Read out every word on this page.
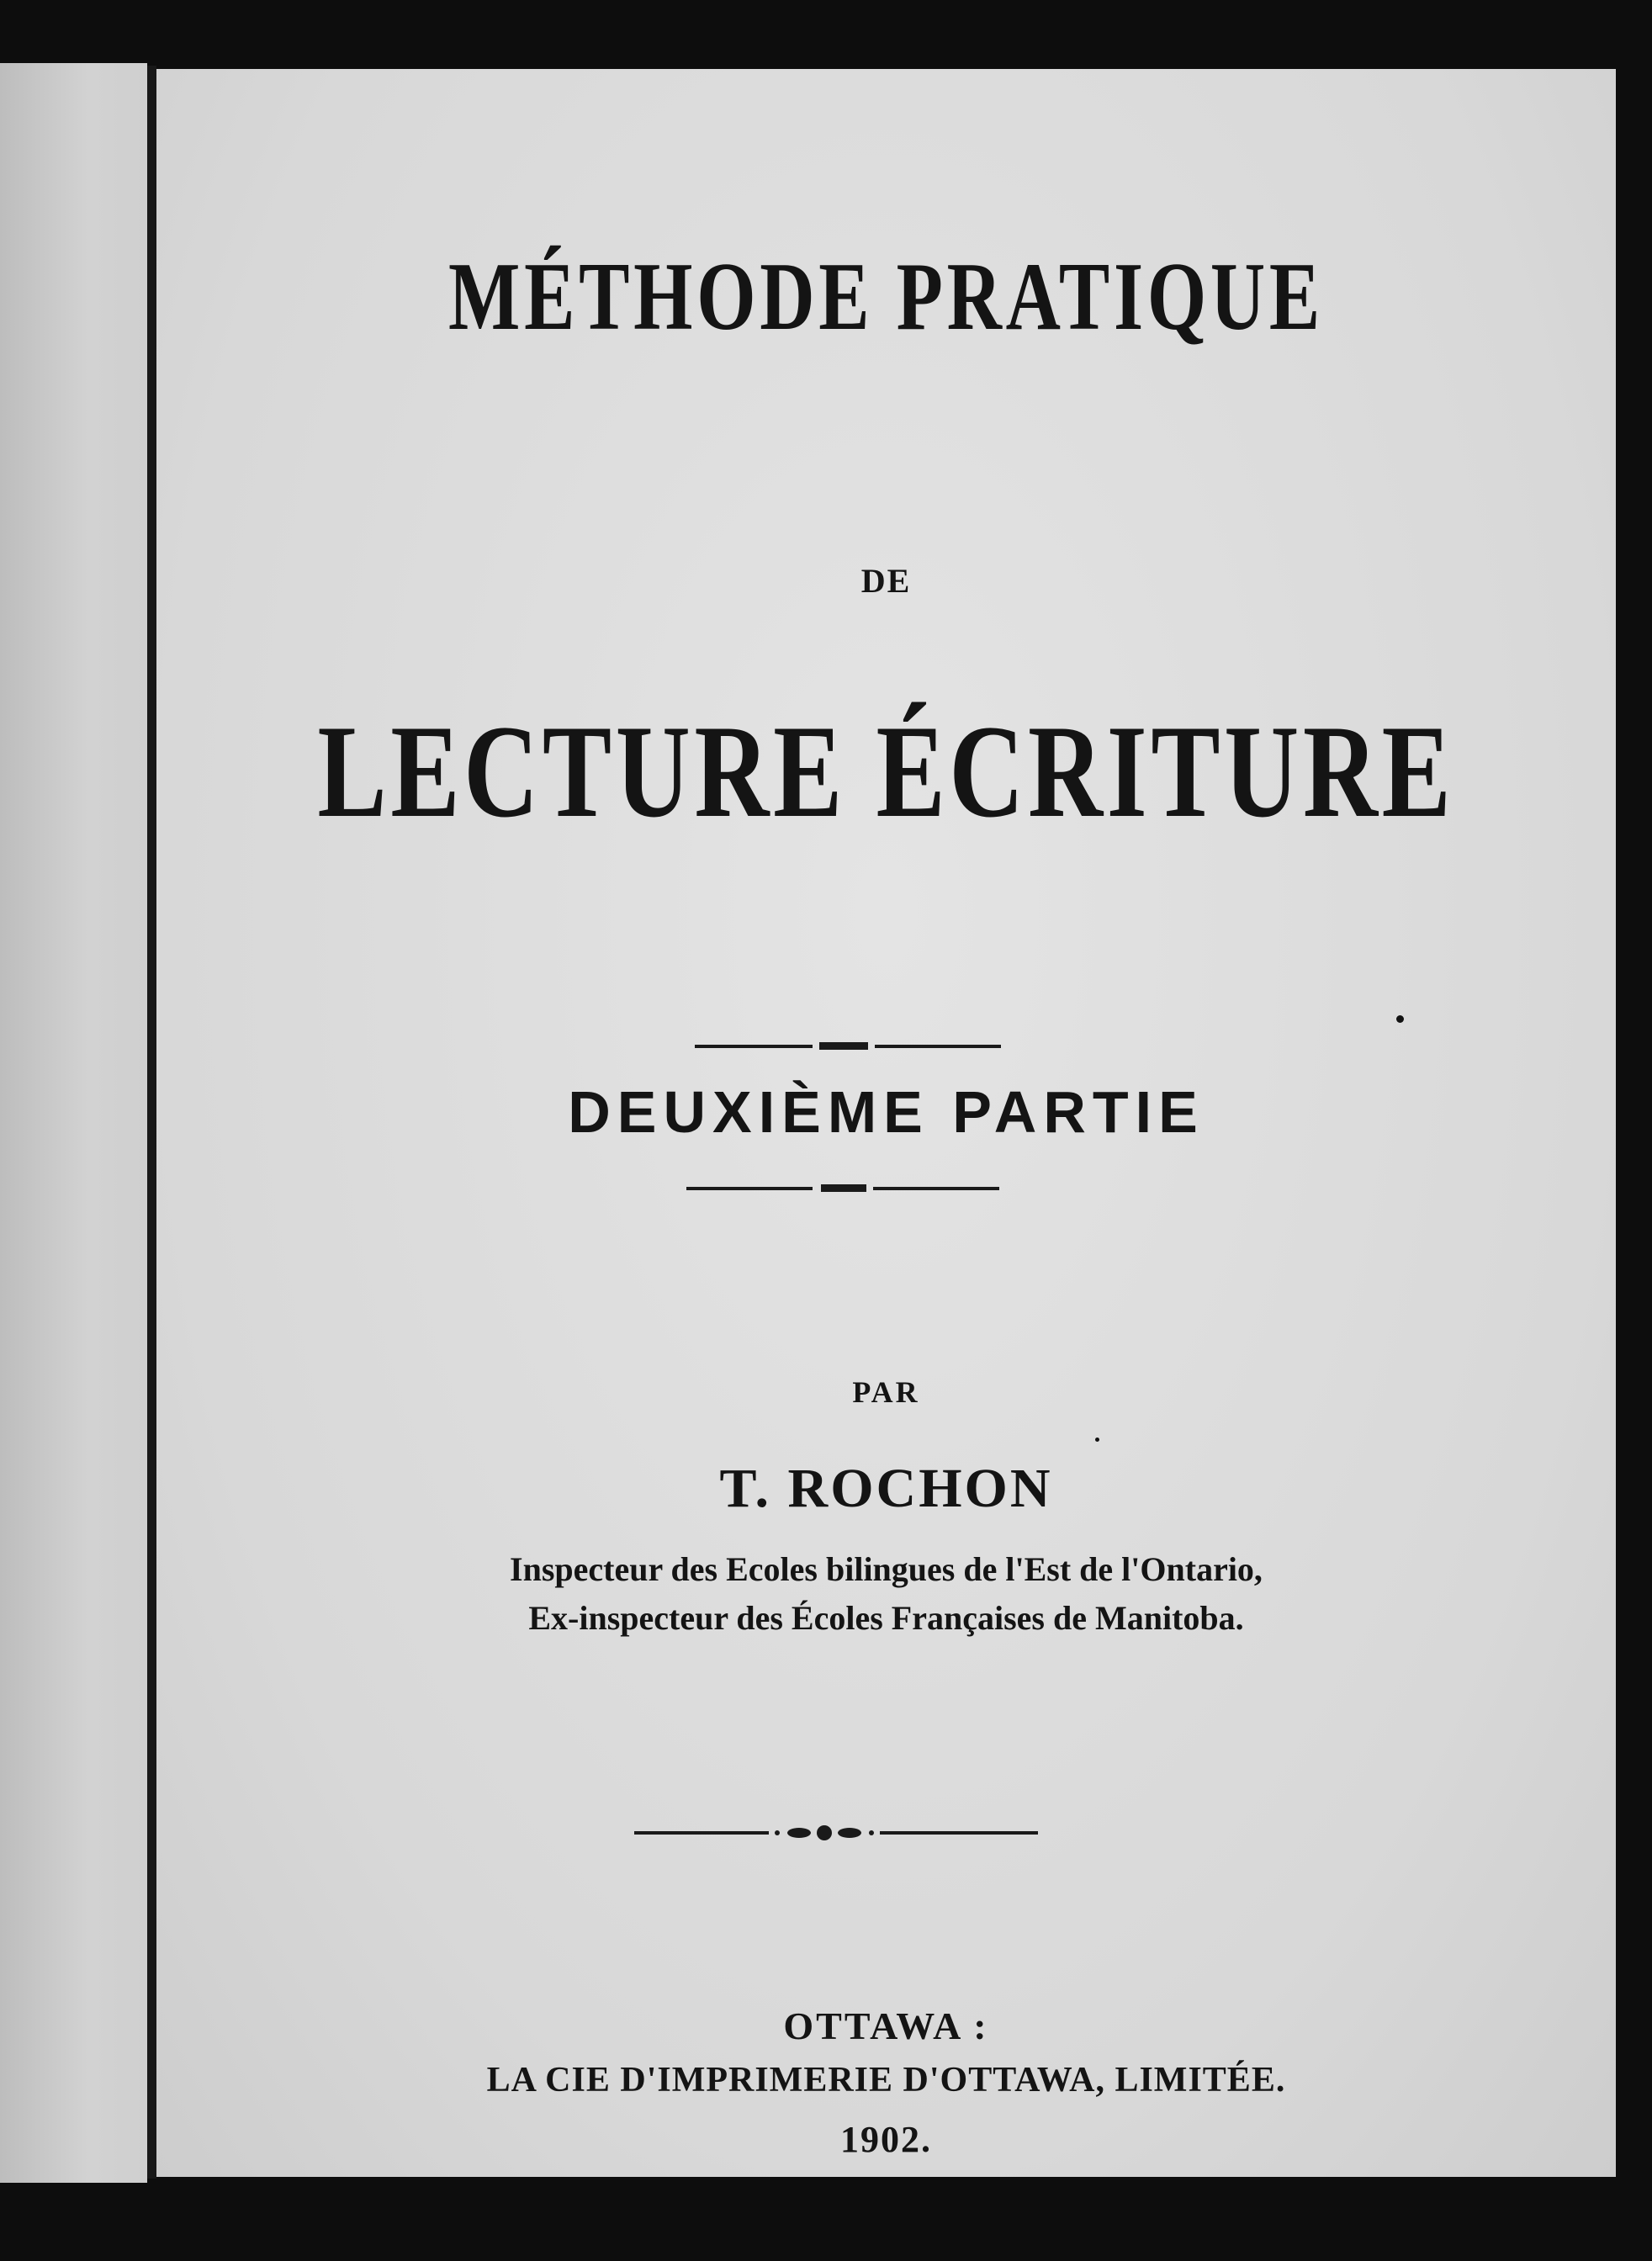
MÉTHODE PRATIQUE
DE
LECTURE ÉCRITURE
DEUXIÈME PARTIE
PAR
T. ROCHON
Inspecteur des Ecoles bilingues de l'Est de l'Ontario,
Ex-inspecteur des Écoles Françaises de Manitoba.
OTTAWA :
LA CIE D'IMPRIMERIE D'OTTAWA, LIMITÉE.
1902.
